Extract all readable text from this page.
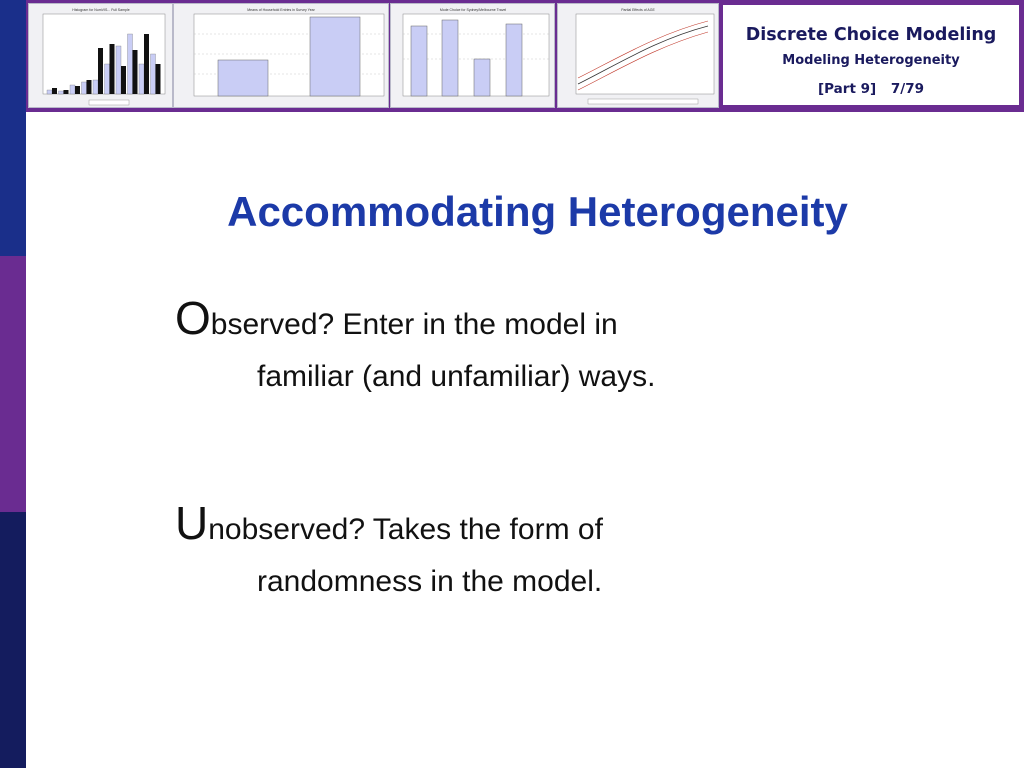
Histogram for NumVIS... Full Sample	Means of Household Entries in Survey Year	Mode Choice for Sydney/Melbourne Travel	Partial Effects of AGE
Discrete Choice Modeling
Modeling Heterogeneity
[Part 9] 7/79
Accommodating Heterogeneity
Observed? Enter in the model in
familiar (and unfamiliar) ways.
Unobserved? Takes the form of
randomness in the model.
